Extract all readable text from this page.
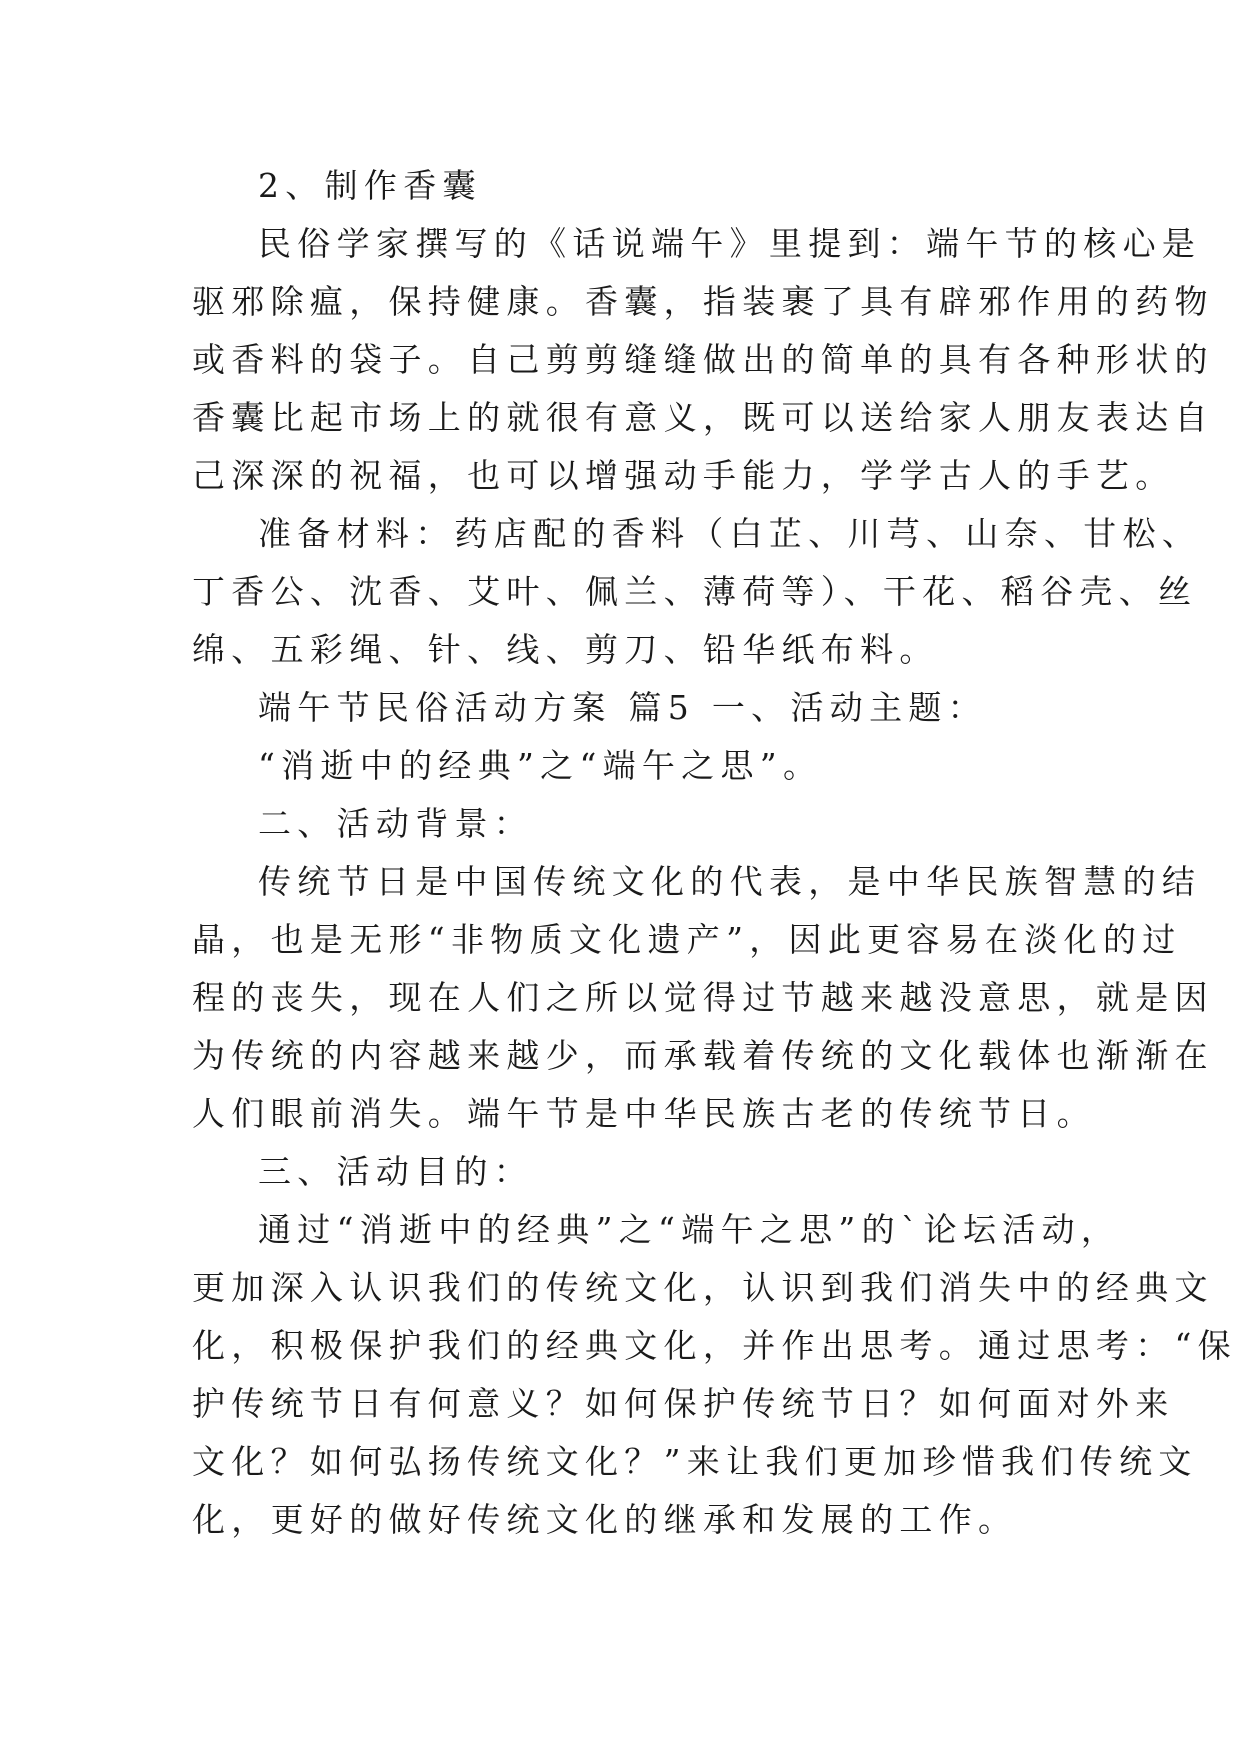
2、制作香囊
民俗学家撰写的《话说端午》里提到：端午节的核心是
驱邪除瘟，保持健康。香囊，指装裹了具有辟邪作用的药物
或香料的袋子。自己剪剪缝缝做出的简单的具有各种形状的
香囊比起市场上的就很有意义，既可以送给家人朋友表达自
己深深的祝福，也可以增强动手能力，学学古人的手艺。
准备材料：药店配的香料（白芷、川芎、山奈、甘松、
丁香公、沈香、艾叶、佩兰、薄荷等）、干花、稻谷壳、丝
绵、五彩绳、针、线、剪刀、铅华纸布料。
端午节民俗活动方案 篇5 一、活动主题：
“消逝中的经典”之“端午之思”。
二、活动背景：
传统节日是中国传统文化的代表，是中华民族智慧的结
晶，也是无形“非物质文化遗产”，因此更容易在淡化的过
程的丧失，现在人们之所以觉得过节越来越没意思，就是因
为传统的内容越来越少，而承载着传统的文化载体也渐渐在
人们眼前消失。端午节是中华民族古老的传统节日。
三、活动目的：
通过“消逝中的经典”之“端午之思”的`论坛活动，
更加深入认识我们的传统文化，认识到我们消失中的经典文
化，积极保护我们的经典文化，并作出思考。通过思考：“保
护传统节日有何意义？如何保护传统节日？如何面对外来
文化？如何弘扬传统文化？”来让我们更加珍惜我们传统文
化，更好的做好传统文化的继承和发展的工作。
